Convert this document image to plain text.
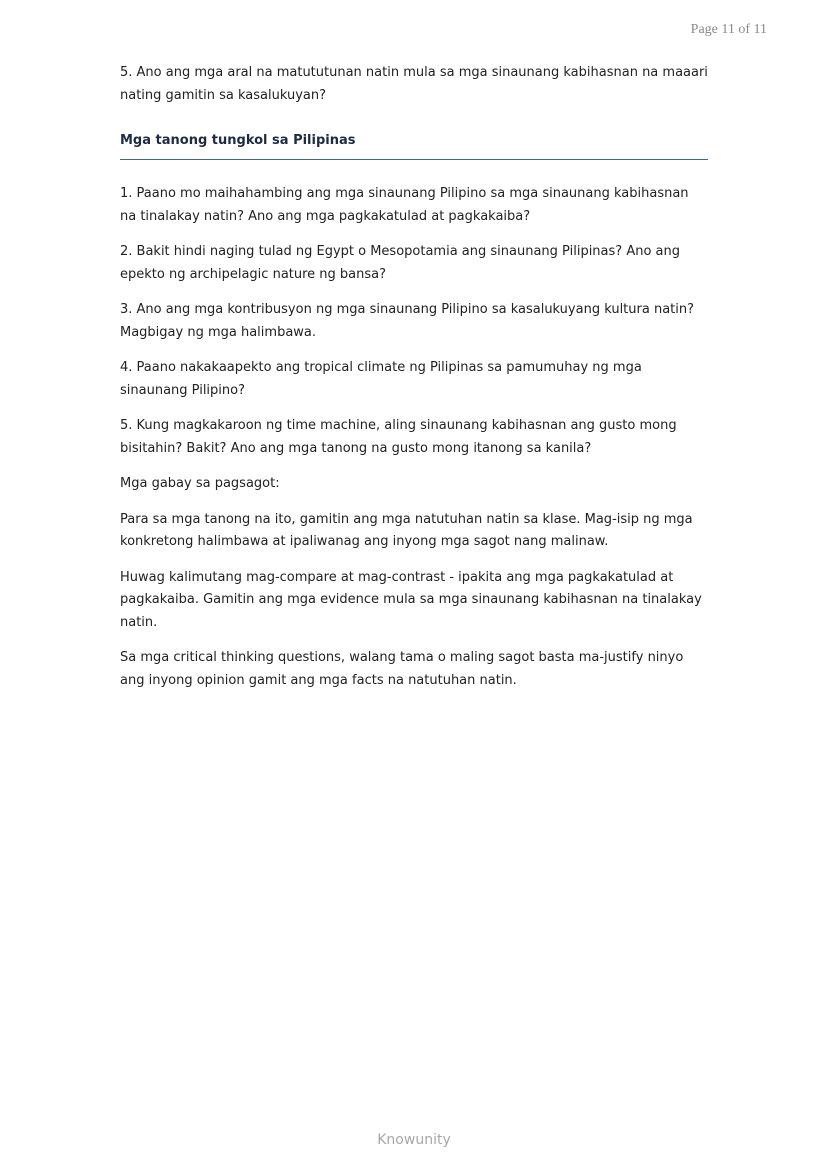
Page 11 of 11

5. Ano ang mga aral na matututunan natin mula sa mga sinaunang kabihasnan na maaari nating gamitin sa kasalukuyan?

Mga tanong tungkol sa Pilipinas

1. Paano mo maihahambing ang mga sinaunang Pilipino sa mga sinaunang kabihasnan na tinalakay natin? Ano ang mga pagkakatulad at pagkakaiba?

2. Bakit hindi naging tulad ng Egypt o Mesopotamia ang sinaunang Pilipinas? Ano ang epekto ng archipelagic nature ng bansa?

3. Ano ang mga kontribusyon ng mga sinaunang Pilipino sa kasalukuyang kultura natin? Magbigay ng mga halimbawa.

4. Paano nakakaapekto ang tropical climate ng Pilipinas sa pamumuhay ng mga sinaunang Pilipino?

5. Kung magkakaroon ng time machine, aling sinaunang kabihasnan ang gusto mong bisitahin? Bakit? Ano ang mga tanong na gusto mong itanong sa kanila?

Mga gabay sa pagsagot:

Para sa mga tanong na ito, gamitin ang mga natutuhan natin sa klase. Mag-isip ng mga konkretong halimbawa at ipaliwanag ang inyong mga sagot nang malinaw.

Huwag kalimutang mag-compare at mag-contrast - ipakita ang mga pagkakatulad at pagkakaiba. Gamitin ang mga evidence mula sa mga sinaunang kabihasnan na tinalakay natin.

Sa mga critical thinking questions, walang tama o maling sagot basta ma-justify ninyo ang inyong opinion gamit ang mga facts na natutuhan natin.

Knowunity
